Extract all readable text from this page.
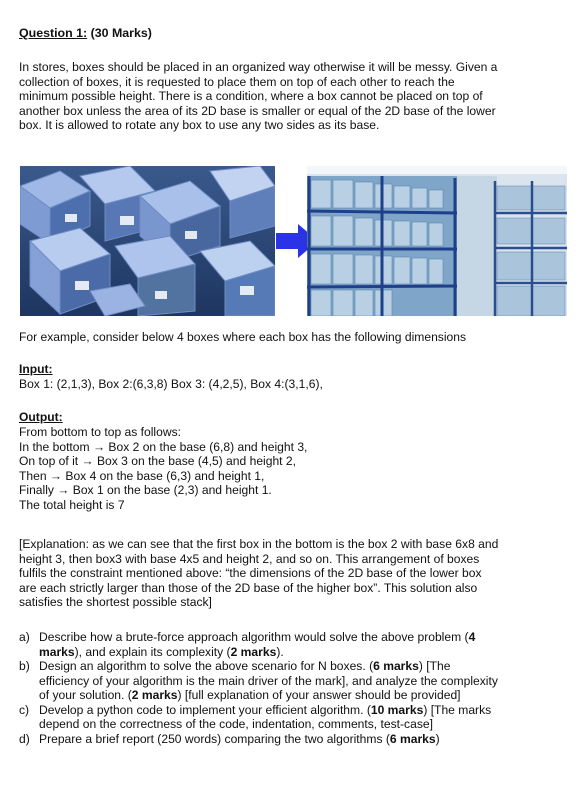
Question 1: (30 Marks)
In stores, boxes should be placed in an organized way otherwise it will be messy. Given a
collection of boxes, it is requested to place them on top of each other to reach the
minimum possible height. There is a condition, where a box cannot be placed on top of
another box unless the area of its 2D base is smaller or equal of the 2D base of the lower
box. It is allowed to rotate any box to use any two sides as its base.

For example, consider below 4 boxes where each box has the following dimensions

Input:

Box 1: (2,1,3), Box 2:(6,3,8) Box 3: (4,2,5), Box 4:(3,1,6),

Output:
From bottom to top as follows:
In the bottom → Box 2 on the base (6,8) and height 3,
On top of it → Box 3 on the base (4,5) and height 2,
Then → Box 4 on the base (6,3) and height 1,
Finally → Box 1 on the base (2,3) and height 1.
The total height is 7
[Explanation: as we can see that the first box in the bottom is the box 2 with base 6x8 and
height 3, then box3 with base 4x5 and height 2, and so on. This arrangement of boxes
fulfils the constraint mentioned above: “the dimensions of the 2D base of the lower box
are each strictly larger than those of the 2D base of the higher box”. This solution also
satisfies the shortest possible stack]
a) Describe how a brute-force approach algorithm would solve the above problem (4
marks), and explain its complexity (2 marks).
b) Design an algorithm to solve the above scenario for N boxes. (6 marks) [The
efficiency of your algorithm is the main driver of the mark], and analyze the complexity
of your solution. (2 marks) [full explanation of your answer should be provided]
c) Develop a python code to implement your efficient algorithm. (10 marks) [The marks
depend on the correctness of the code, indentation, comments, test-case]
d) Prepare a brief report (250 words) comparing the two algorithms (6 marks)
